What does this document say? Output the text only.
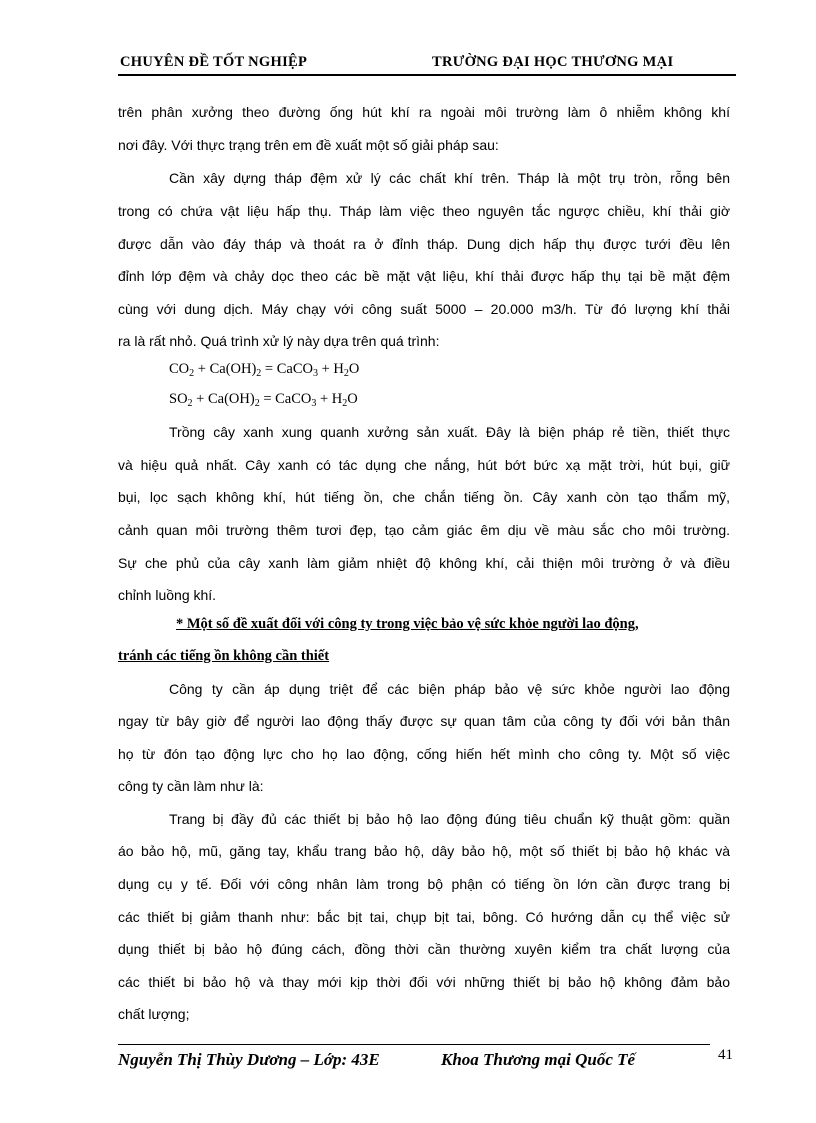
CHUYÊN ĐỀ TỐT NGHIỆP	TRƯỜNG ĐẠI HỌC THƯƠNG MẠI
trên phân xưởng theo đường ống hút khí ra ngoài môi trường làm ô nhiễm không khí
nơi đây. Với thực trạng trên em đề xuất một số giải pháp sau:
Cần xây dựng tháp đệm xử lý các chất khí trên. Tháp là một trụ tròn, rỗng bên
trong có chứa vật liệu hấp thụ. Tháp làm việc theo nguyên tắc ngược chiều, khí thải giờ
được dẫn vào đáy tháp và thoát ra ở đỉnh tháp. Dung dịch hấp thụ được tưới đều lên
đỉnh lớp đệm và chảy dọc theo các bề mặt vật liệu, khí thải được hấp thụ tại bề mặt đệm
cùng với dung dịch. Máy chạy với công suất 5000 – 20.000 m3/h. Từ đó lượng khí thải
ra là rất nhỏ. Quá trình xử lý này dựa trên quá trình:
$CO_2 + Ca(OH)_2$ = CaCO$_3$ + $H_2O$
$SO_2 + Ca(OH)_2$ = CaCO$_3$ + $H_2O$
Trồng cây xanh xung quanh xưởng sản xuất. Đây là biện pháp rẻ tiền, thiết thực
và hiệu quả nhất. Cây xanh có tác dụng che nắng, hút bớt bức xạ mặt trời, hút bụi, giữ
bụi, lọc sạch không khí, hút tiếng ồn, che chắn tiếng ồn. Cây xanh còn tạo thẩm mỹ,
cảnh quan môi trường thêm tươi đẹp, tạo cảm giác êm dịu về màu sắc cho môi trường.
Sự che phủ của cây xanh làm giảm nhiệt độ không khí, cải thiện môi trường ở và điều
chỉnh luồng khí.
* Một số đề xuất đối với công ty trong việc bảo vệ sức khỏe người lao động,
tránh các tiếng ồn không cần thiết
Công ty cần áp dụng triệt để các biện pháp bảo vệ sức khỏe người lao động
ngay từ bây giờ để người lao động thấy được sự quan tâm của công ty đối với bản thân
họ từ đón tạo động lực cho họ lao động, cống hiến hết mình cho công ty. Một số việc
công ty cần làm như là:
Trang bị đầy đủ các thiết bị bảo hộ lao động đúng tiêu chuẩn kỹ thuật gồm: quần
áo bảo hộ, mũ, găng tay, khẩu trang bảo hộ, dây bảo hộ, một số thiết bị bảo hộ khác và
dụng cụ y tế. Đối với công nhân làm trong bộ phận có tiếng ồn lớn cần được trang bị
các thiết bị giảm thanh như: bắc bịt tai, chụp bịt tai, bông. Có hướng dẫn cụ thể việc sử
dụng thiết bị bảo hộ đúng cách, đồng thời cần thường xuyên kiểm tra chất lượng của
các thiết bi bảo hộ và thay mới kịp thời đối với những thiết bị bảo hộ không đảm bảo
chất lượng;
Nguyễn Thị Thùy Dương – Lớp: 43E	Khoa Thương mại Quốc Tế	41
